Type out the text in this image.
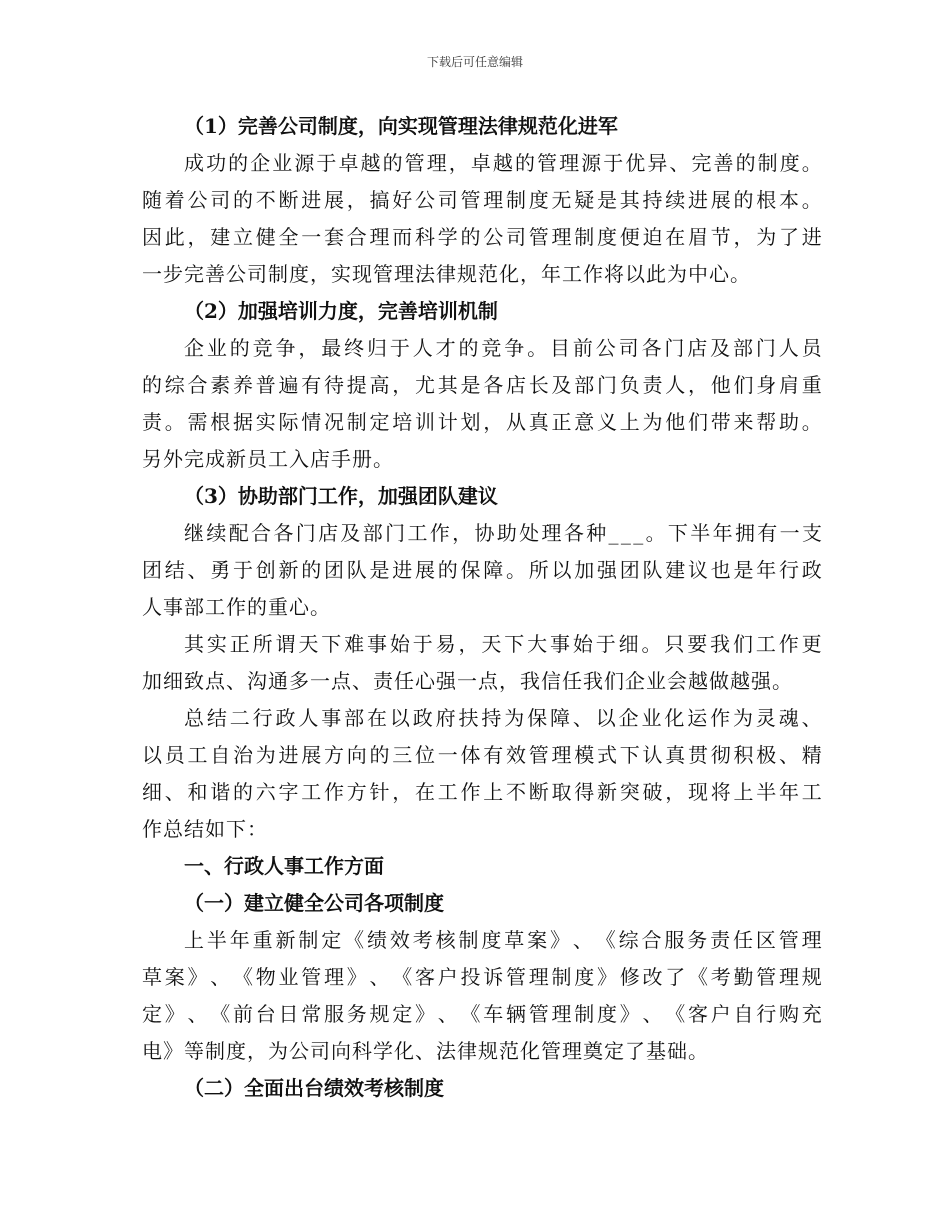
下载后可任意编辑
（1）完善公司制度，向实现管理法律规范化进军
成 功 的 企 业 源 于 卓 越 的 管 理 ， 卓 越 的 管 理 源 于 优 异 、 完 善 的 制 度 。
随 着 公 司 的 不 断 进 展 ， 搞 好 公 司 管 理 制 度 无 疑 是 其 持 续 进 展 的 根 本 。
因 此 ， 建 立 健 全 一 套 合 理 而 科 学 的 公 司 管 理 制 度 便 迫 在 眉 节 ， 为 了 进
一步完善公司制度，实现管理法律规范化，年工作将以此为中心。
（2）加强培训力度，完善培训机制
企 业 的 竞 争 ， 最 终 归 于 人 才 的 竞 争 。 目 前 公 司 各 门 店 及 部 门 人 员
的 综 合 素 养 普 遍 有 待 提 高 ， 尤 其 是 各 店 长 及 部 门 负 责 人 ， 他 们 身 肩 重
责 。 需 根 据 实 际 情 况 制 定 培 训 计 划 ， 从 真 正 意 义 上 为 他 们 带 来 帮 助 。
另外完成新员工入店手册。
（3）协助部门工作，加强团队建议
继 续 配 合 各 门 店 及 部 门 工 作 ， 协 助 处 理 各 种 _ _ _ 。 下 半 年 拥 有 一 支
团 结 、 勇 于 创 新 的 团 队 是 进 展 的 保 障 。 所 以 加 强 团 队 建 议 也 是 年 行 政
人事部工作的重心。
其 实 正 所 谓 天 下 难 事 始 于 易 ， 天 下 大 事 始 于 细 。 只 要 我 们 工 作 更
加细致点、沟通多一点、责任心强一点，我信任我们企业会越做越强。
总 结 二 行 政 人 事 部 在 以 政 府 扶 持 为 保 障 、 以 企 业 化 运 作 为 灵 魂 、
以 员 工 自 治 为 进 展 方 向 的 三 位 一 体 有 效 管 理 模 式 下 认 真 贯 彻 积 极 、 精
细 、 和 谐 的 六 字 工 作 方 针 ， 在 工 作 上 不 断 取 得 新 突 破 ， 现 将 上 半 年 工
作总结如下：
一、行政人事工作方面
（一）建立健全公司各项制度
上 半 年 重 新 制 定 《 绩 效 考 核 制 度 草 案 》 、 《 综 合 服 务 责 任 区 管 理
草 案 》 、 《 物 业 管 理 》 、 《 客 户 投 诉 管 理 制 度 》 修 改 了 《 考 勤 管 理 规
定 》 、 《 前 台 日 常 服 务 规 定 》 、 《 车 辆 管 理 制 度 》 、 《 客 户 自 行 购 充
电》等制度，为公司向科学化、法律规范化管理奠定了基础。
（二）全面出台绩效考核制度
